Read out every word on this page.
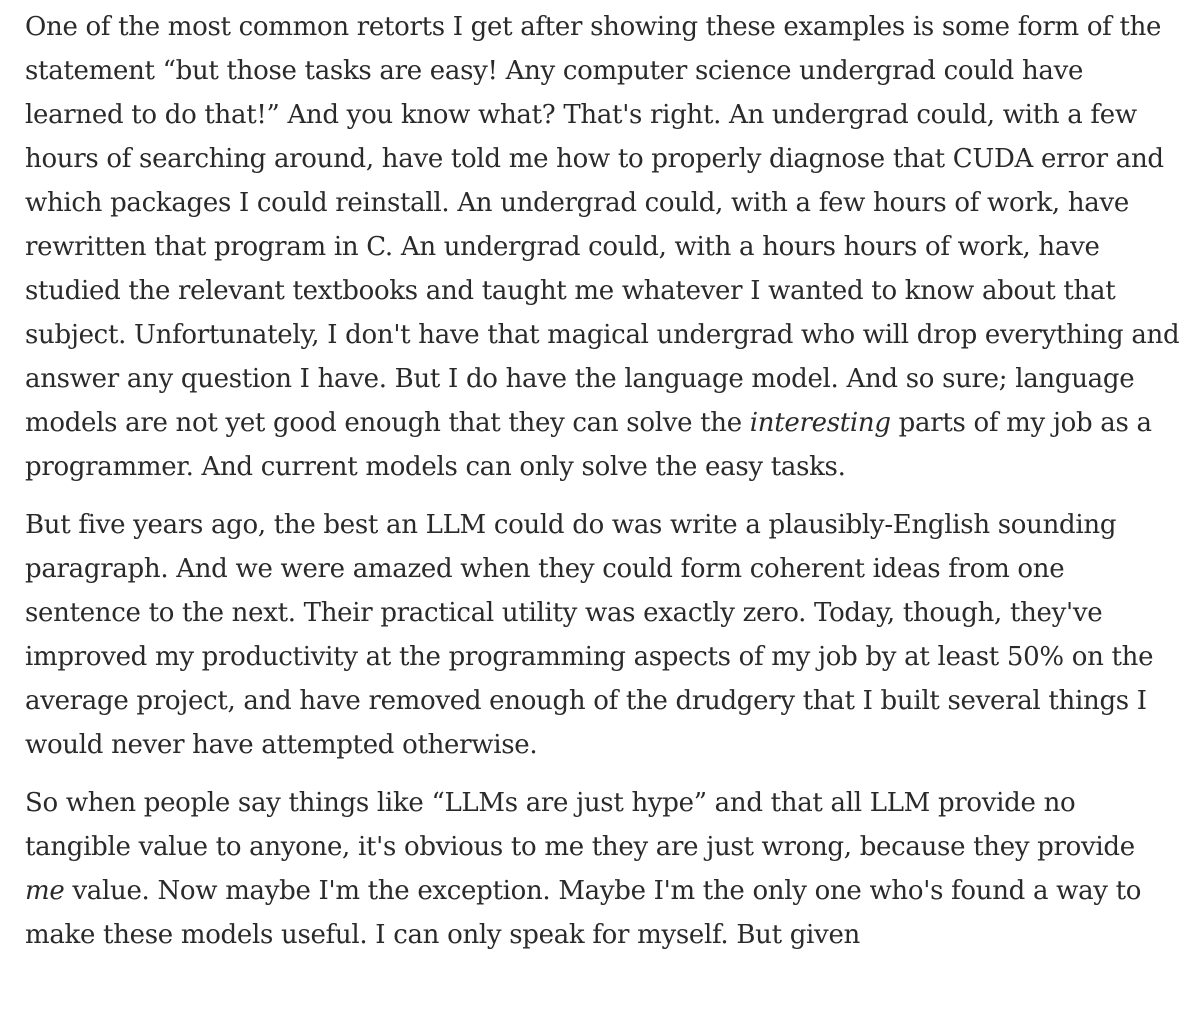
One of the most common retorts I get after showing these examples is some form of the statement “but those tasks are easy! Any computer science undergrad could have learned to do that!” And you know what? That's right. An undergrad could, with a few hours of searching around, have told me how to properly diagnose that CUDA error and which packages I could reinstall. An undergrad could, with a few hours of work, have rewritten that program in C. An undergrad could, with a hours hours of work, have studied the relevant textbooks and taught me whatever I wanted to know about that subject. Unfortunately, I don't have that magical undergrad who will drop everything and answer any question I have. But I do have the language model. And so sure; language models are not yet good enough that they can solve the interesting parts of my job as a programmer. And current models can only solve the easy tasks.

But five years ago, the best an LLM could do was write a plausibly-English sounding paragraph. And we were amazed when they could form coherent ideas from one sentence to the next. Their practical utility was exactly zero. Today, though, they've improved my productivity at the programming aspects of my job by at least 50% on the average project, and have removed enough of the drudgery that I built several things I would never have attempted otherwise.

So when people say things like “LLMs are just hype” and that all LLM provide no tangible value to anyone, it's obvious to me they are just wrong, because they provide me value. Now maybe I'm the exception. Maybe I'm the only one who's found a way to make these models useful. I can only speak for myself. But given
